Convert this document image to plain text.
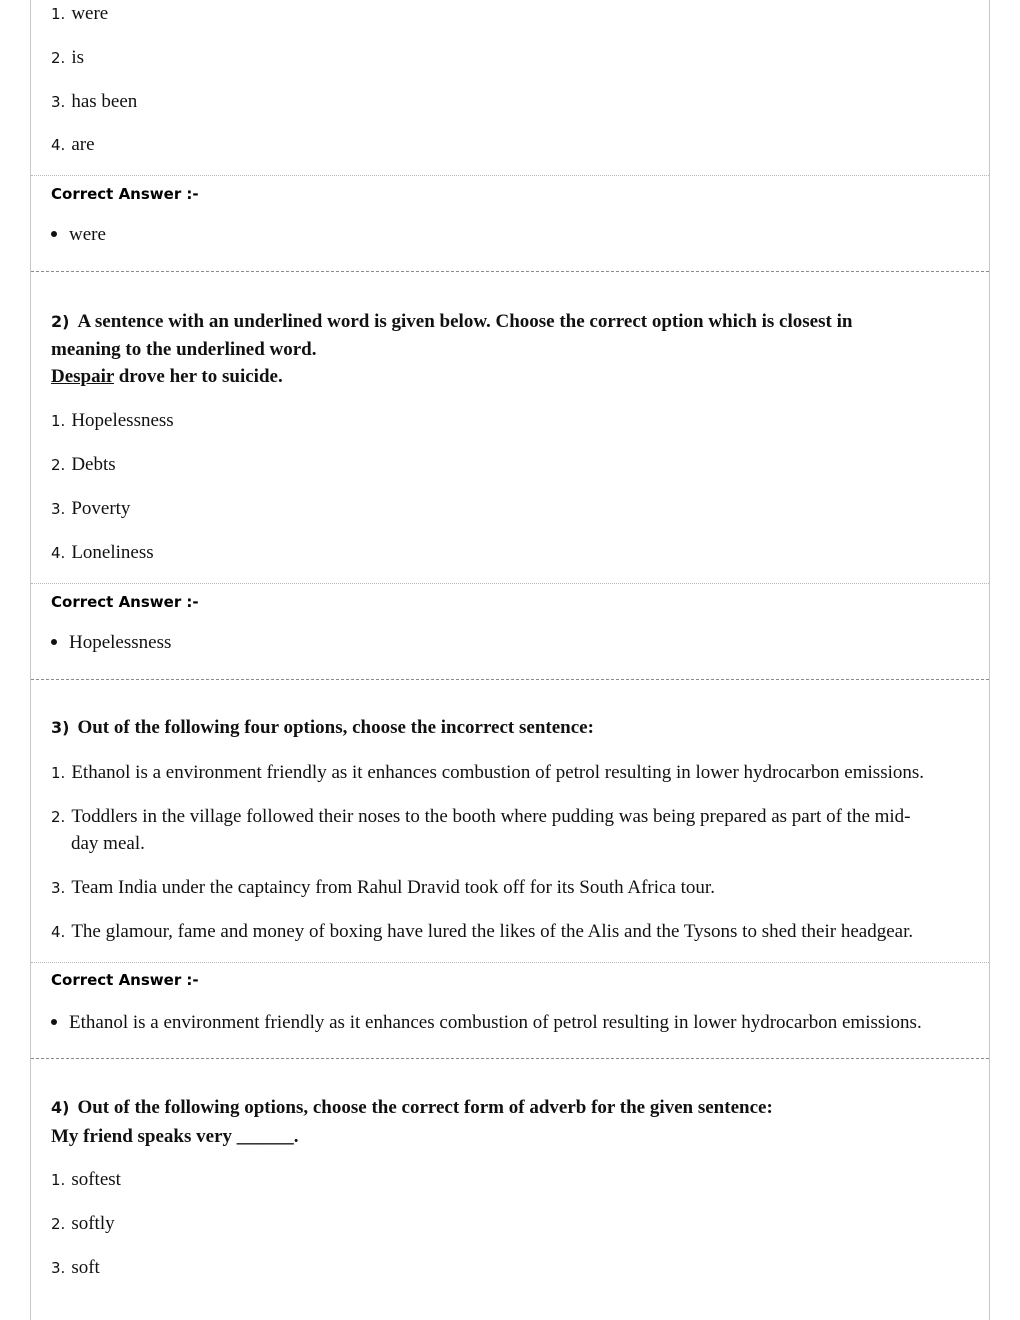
1. were
2. is
3. has been
4. are
Correct Answer :-
were
2) A sentence with an underlined word is given below. Choose the correct option which is closest in
meaning to the underlined word.
Despair drove her to suicide.
1. Hopelessness
2. Debts
3. Poverty
4. Loneliness
Correct Answer :-
Hopelessness
3) Out of the following four options, choose the incorrect sentence:
1. Ethanol is a environment friendly as it enhances combustion of petrol resulting in lower hydrocarbon emissions.
2. Toddlers in the village followed their noses to the booth where pudding was being prepared as part of the mid-
day meal.
3. Team India under the captaincy from Rahul Dravid took off for its South Africa tour.
4. The glamour, fame and money of boxing have lured the likes of the Alis and the Tysons to shed their headgear.
Correct Answer :-
Ethanol is a environment friendly as it enhances combustion of petrol resulting in lower hydrocarbon emissions.
4) Out of the following options, choose the correct form of adverb for the given sentence:
My friend speaks very ______.
1. softest
2. softly
3. soft
